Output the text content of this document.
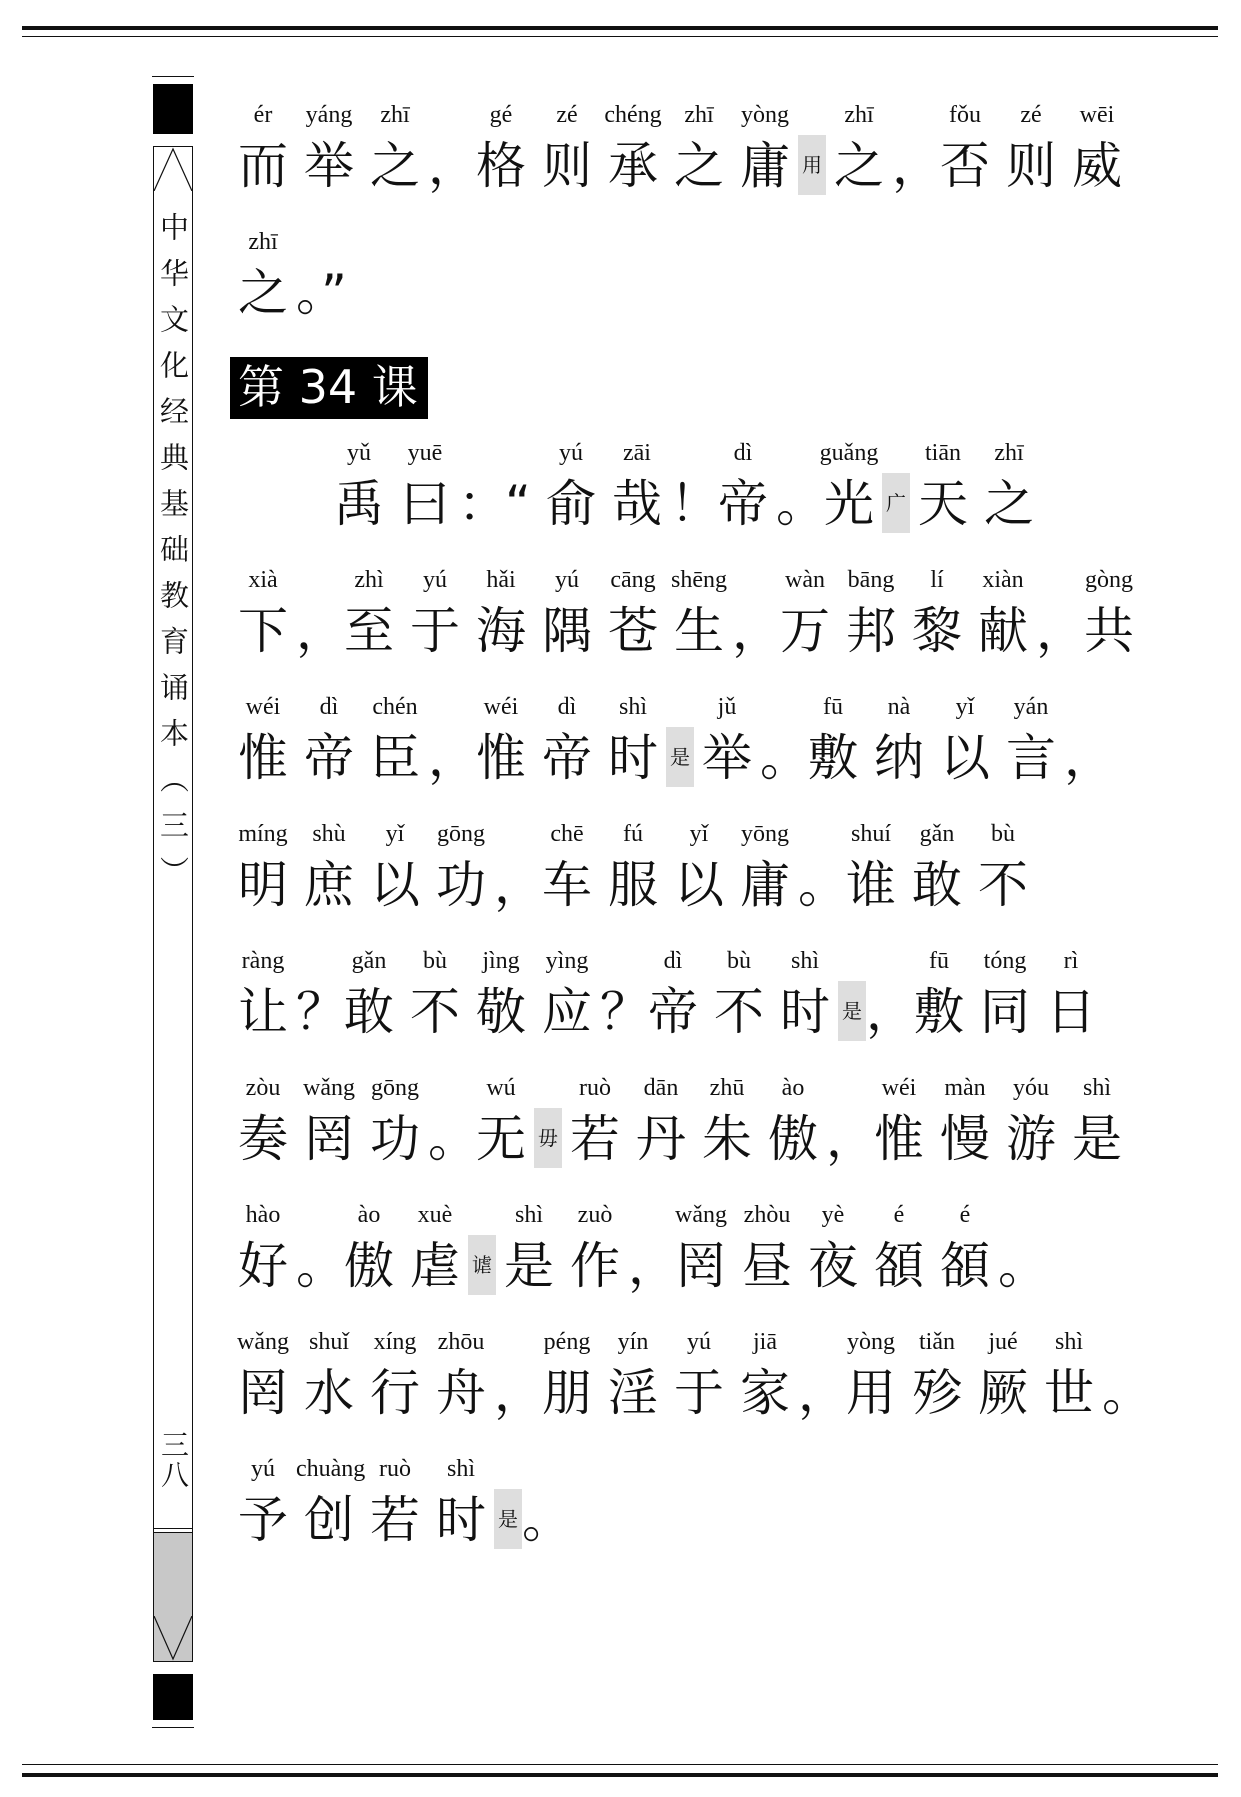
中华文化经典基础教育诵本（三）
三八
ér
而
yáng
举
zhī
之 ，
gé
格
zé
则
chéng
承
zhī
之
yòng
庸 用
zhī
之 ，
fǒu
否
zé
则
wēi
威
zhī
之 。”
第 34 课
yǔ
禹
yuē
曰 ：
“
yú
俞
zāi
哉 ！
dì
帝 。
guǎng
光 广
tiān
天
zhī
之
xià
下 ，
zhì
至
yú
于
hǎi
海
yú
隅
cāng
苍
shēng
生 ，
wàn
万
bāng
邦
lí
黎
xiàn
献 ，
gòng
共
wéi
惟
dì
帝
chén
臣 ，
wéi
惟
dì
帝
shì
时 是
jǔ
举 。
fū
敷
nà
纳
yǐ
以
yán
言 ，
míng
明
shù
庶
yǐ
以
gōng
功 ，
chē
车
fú
服
yǐ
以
yōng
庸 。
shuí
谁
gǎn
敢
bù
不
ràng
让 ？
gǎn
敢
bù
不
jìng
敬
yìng
应 ？
dì
帝
bù
不
shì
时 是 ，
fū
敷
tóng
同
rì
日
zòu
奏
wǎng
罔
gōng
功 。
wú
无 毋
ruò
若
dān
丹
zhū
朱
ào
傲 ，
wéi
惟
màn
慢
yóu
游
shì
是
hào
好 。
ào
傲
xuè
虐 谑
shì
是
zuò
作 ，
wǎng
罔
zhòu
昼
yè
夜
é
頟
é
頟 。
wǎng
罔
shuǐ
水
xíng
行
zhōu
舟 ，
péng
朋
yín
淫
yú
于
jiā
家 ，
yòng
用
tiǎn
殄
jué
厥
shì
世 。
yú
予
chuàng
创
ruò
若
shì
时 是 。
